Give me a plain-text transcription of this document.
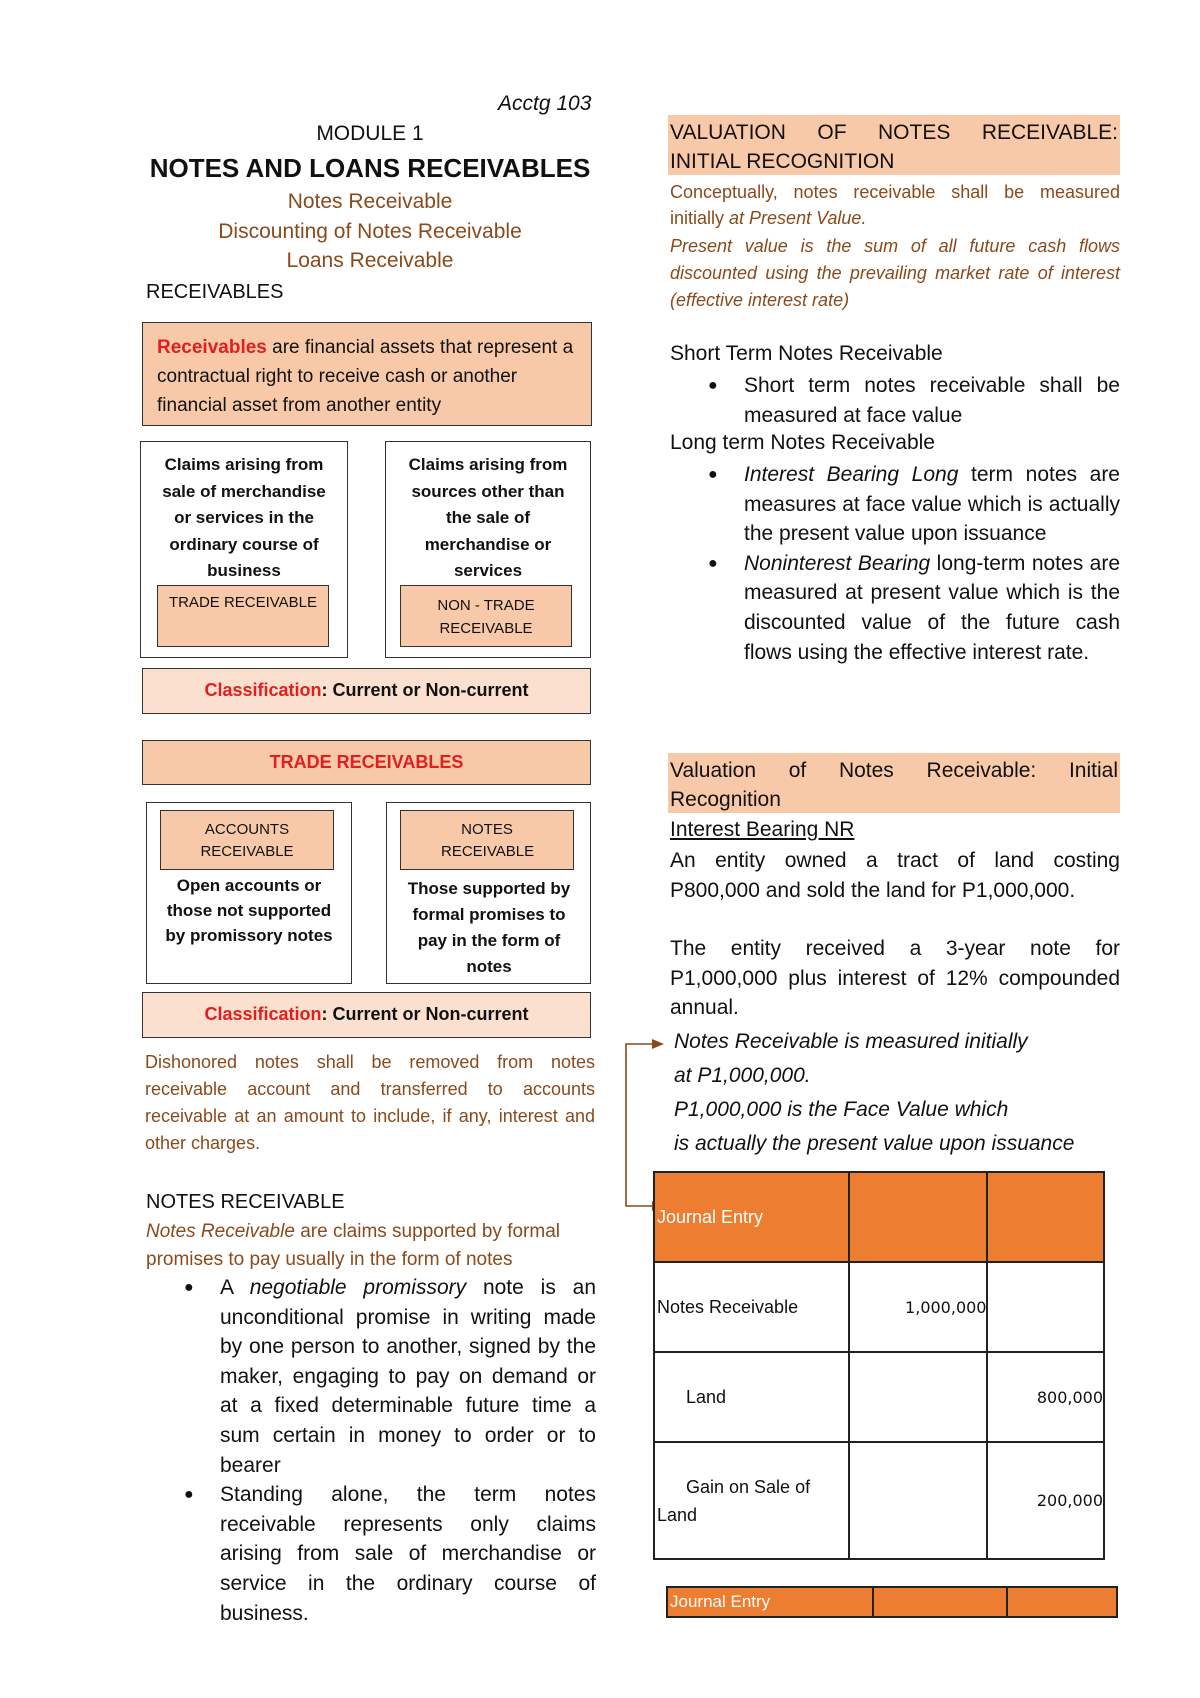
Acctg 103
MODULE 1
NOTES AND LOANS RECEIVABLES
Notes Receivable
Discounting of Notes Receivable
Loans Receivable
RECEIVABLES
Receivables are financial assets that represent a contractual right to receive cash or another financial asset from another entity
Claims arising from sale of merchandise or services in the ordinary course of business
TRADE RECEIVABLE
Claims arising from sources other than the sale of merchandise or services
NON - TRADE RECEIVABLE
Classification: Current or Non-current
TRADE RECEIVABLES
ACCOUNTS RECEIVABLE
Open accounts or those not supported by promissory notes
NOTES RECEIVABLE
Those supported by formal promises to pay in the form of notes
Classification: Current or Non-current
Dishonored notes shall be removed from notes receivable account and transferred to accounts receivable at an amount to include, if any, interest and other charges.
NOTES RECEIVABLE
Notes Receivable are claims supported by formal promises to pay usually in the form of notes
● A negotiable promissory note is an unconditional promise in writing made by one person to another, signed by the maker, engaging to pay on demand or at a fixed determinable future time a sum certain in money to order or to bearer
● Standing alone, the term notes receivable represents only claims arising from sale of merchandise or service in the ordinary course of business.
VALUATION OF NOTES RECEIVABLE: INITIAL RECOGNITION
Conceptually, notes receivable shall be measured initially at Present Value.
Present value is the sum of all future cash flows discounted using the prevailing market rate of interest (effective interest rate)
Short Term Notes Receivable
● Short term notes receivable shall be measured at face value
Long term Notes Receivable
● Interest Bearing Long term notes are measures at face value which is actually the present value upon issuance
● Noninterest Bearing long-term notes are measured at present value which is the discounted value of the future cash flows using the effective interest rate.
Valuation of Notes Receivable: Initial Recognition
Interest Bearing NR
An entity owned a tract of land costing P800,000 and sold the land for P1,000,000.
The entity received a 3-year note for P1,000,000 plus interest of 12% compounded annual.
Notes Receivable is measured initially
at P1,000,000.
P1,000,000 is the Face Value which
is actually the present value upon issuance
Journal Entry		
Notes Receivable	1,000,000	
Land		800,000
Gain on Sale of Land		200,000
Journal Entry		
